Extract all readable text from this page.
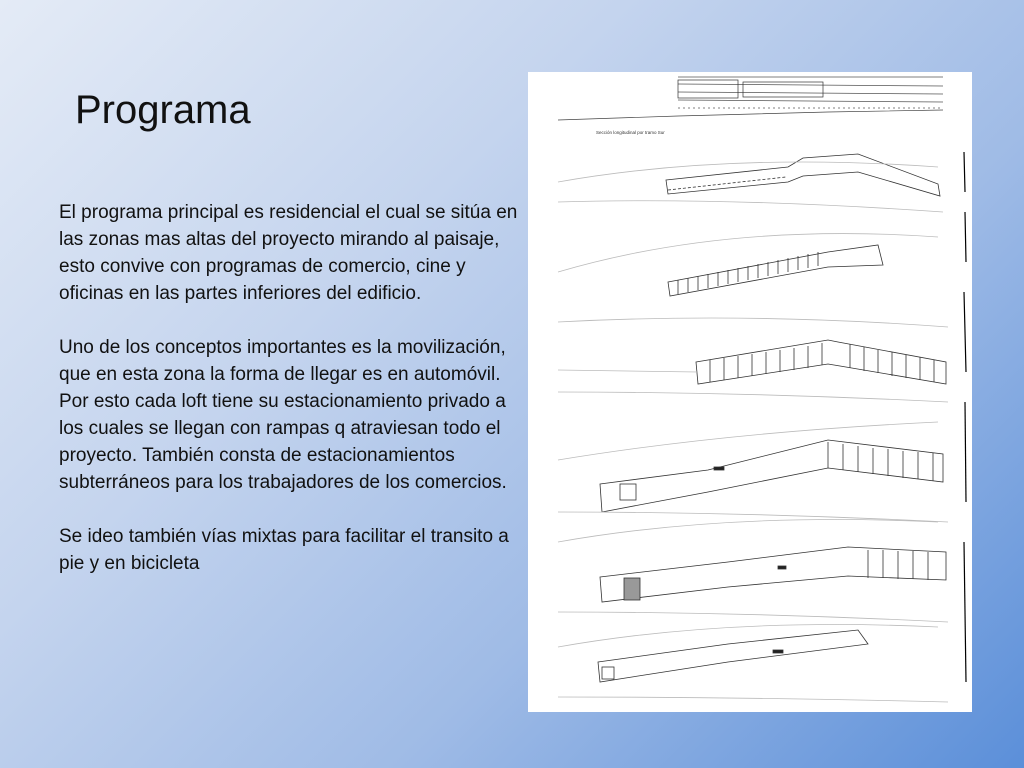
Programa

El programa principal es residencial el cual se sitúa en las zonas mas altas del proyecto mirando al paisaje, esto convive con programas de comercio, cine y oficinas en las partes inferiores del edificio.

Uno de los conceptos importantes es la movilización, que en esta zona la forma de llegar es en automóvil. Por esto cada loft tiene su estacionamiento privado a los cuales se llegan con rampas q atraviesan todo el proyecto. También consta de estacionamientos subterráneos para los trabajadores de los comercios.

Se ideo también vías mixtas para facilitar el transito a pie y en bicicleta

Sección longitudinal por tramo Sur
